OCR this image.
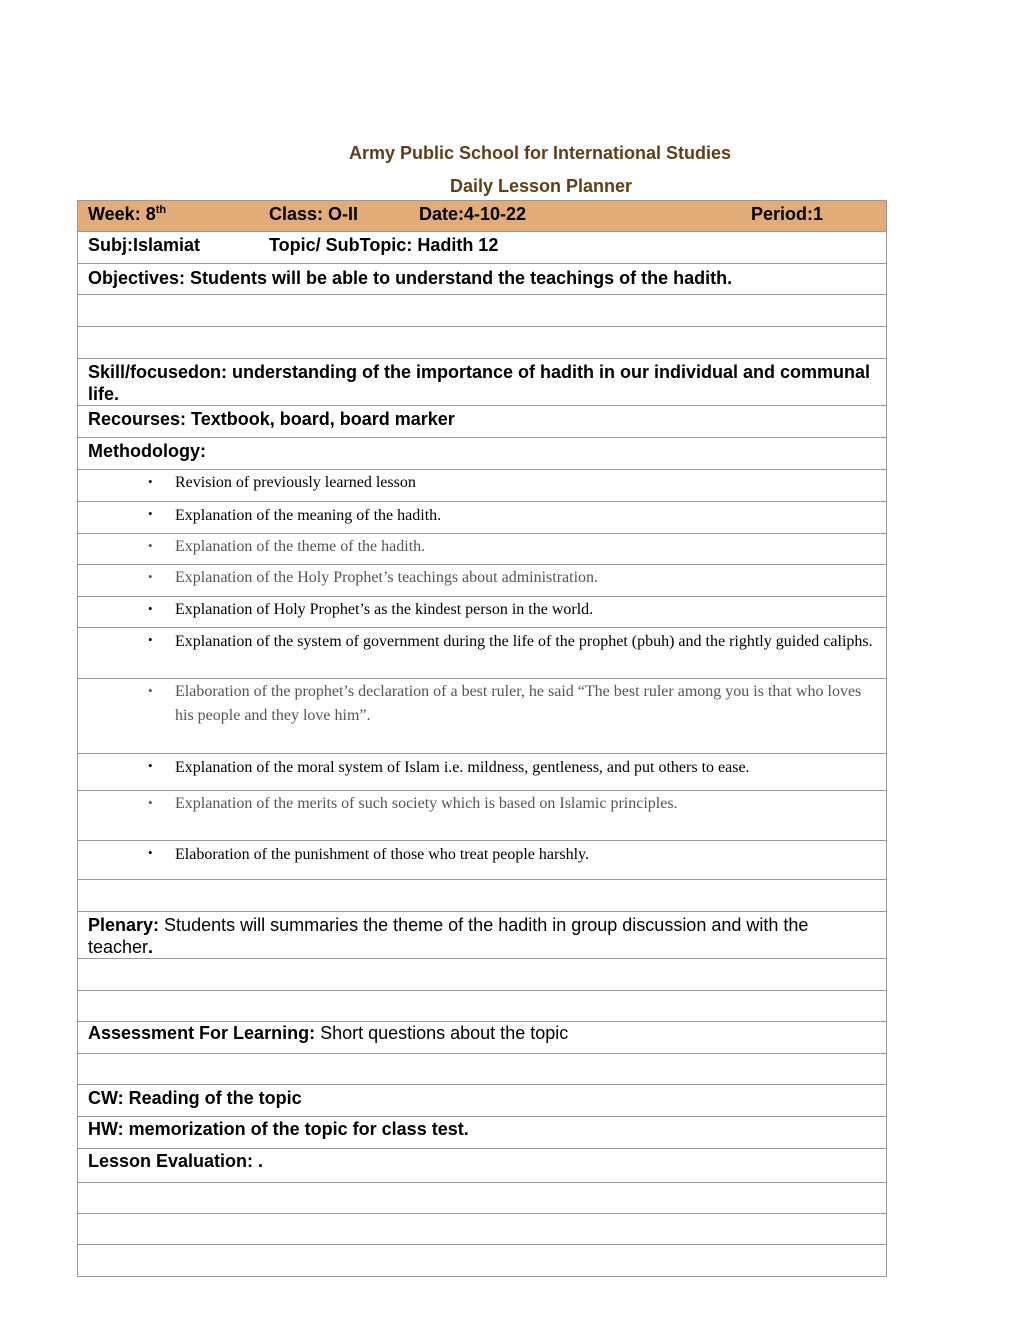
Army Public School for International Studies
Daily Lesson Planner
Week: 8th	Class: O-II	Date:4-10-22	Period:1

Subj:Islamiat	Topic/ SubTopic: Hadith 12

Objectives: Students will be able to understand the teachings of the hadith.

Skill/focusedon: understanding of the importance of hadith in our individual and communal life.
Recourses: Textbook, board, board marker
Methodology:

• Revision of previously learned lesson

• Explanation of the meaning of the hadith.

• Explanation of the theme of the hadith.

• Explanation of the Holy Prophet’s teachings about administration.

• Explanation of Holy Prophet’s as the kindest person in the world.

• Explanation of the system of government during the life of the prophet (pbuh) and the rightly guided caliphs.

• Elaboration of the prophet’s declaration of a best ruler, he said “The best ruler among you is that who loves his people and they love him”.

• Explanation of the moral system of Islam i.e. mildness, gentleness, and put others to ease.

• Explanation of the merits of such society which is based on Islamic principles.

• Elaboration of the punishment of those who treat people harshly.

Plenary: Students will summaries the theme of the hadith in group discussion and with the teacher.

Assessment For Learning: Short questions about the topic

CW: Reading of the topic
HW: memorization of the topic for class test.
Lesson Evaluation: .
